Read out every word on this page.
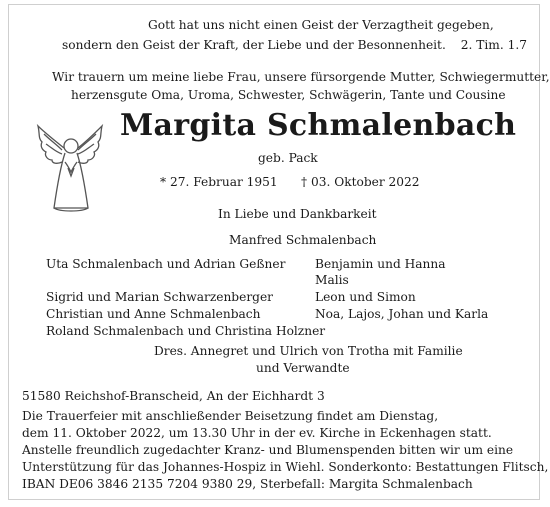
Gott hat uns nicht einen Geist der Verzagtheit gegeben,
sondern den Geist der Kraft, der Liebe und der Besonnenheit. 2. Tim. 1.7
Wir trauern um meine liebe Frau, unsere fürsorgende Mutter, Schwiegermutter,
herzensgute Oma, Uroma, Schwester, Schwägerin, Tante und Cousine
Margita Schmalenbach
geb. Pack
* 27. Februar 1951 † 03. Oktober 2022
In Liebe und Dankbarkeit
Manfred Schmalenbach
Uta Schmalenbach und Adrian Geßner
Sigrid und Marian Schwarzenberger
Christian und Anne Schmalenbach
Roland Schmalenbach und Christina Holzner
Benjamin und Hanna
Malis
Leon und Simon
Noa, Lajos, Johan und Karla
Dres. Annegret und Ulrich von Trotha mit Familie
und Verwandte
51580 Reichshof-Branscheid, An der Eichhardt 3
Die Trauerfeier mit anschließender Beisetzung findet am Dienstag,
dem 11. Oktober 2022, um 13.30 Uhr in der ev. Kirche in Eckenhagen statt.
Anstelle freundlich zugedachter Kranz- und Blumenspenden bitten wir um eine
Unterstützung für das Johannes-Hospiz in Wiehl. Sonderkonto: Bestattungen Flitsch,
IBAN DE06 3846 2135 7204 9380 29, Sterbefall: Margita Schmalenbach
